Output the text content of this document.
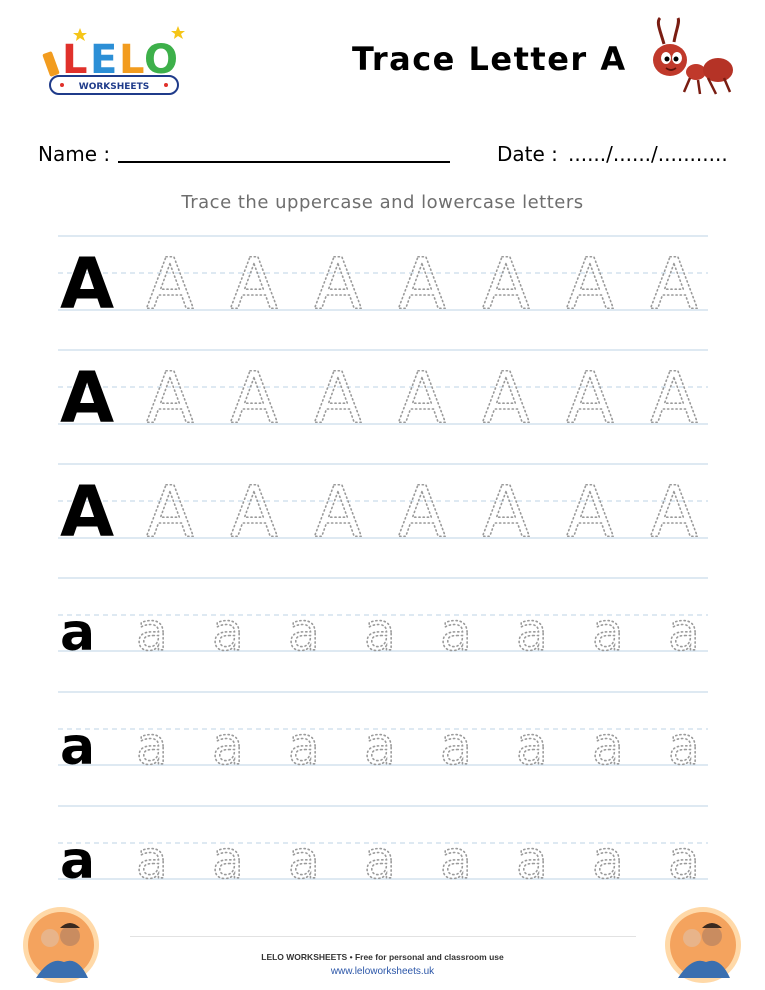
L E L O
WORKSHEETS
Trace Letter A
Name :	Date : ....../....../...........
Trace the uppercase and lowercase letters
A A A A A A A A
A A A A A A A A
A A A A A A A A
a a a a a a a a a
a a a a a a a a a
a a a a a a a a a
LELO WORKSHEETS • Free for personal and classroom use
www.leloworksheets.uk
